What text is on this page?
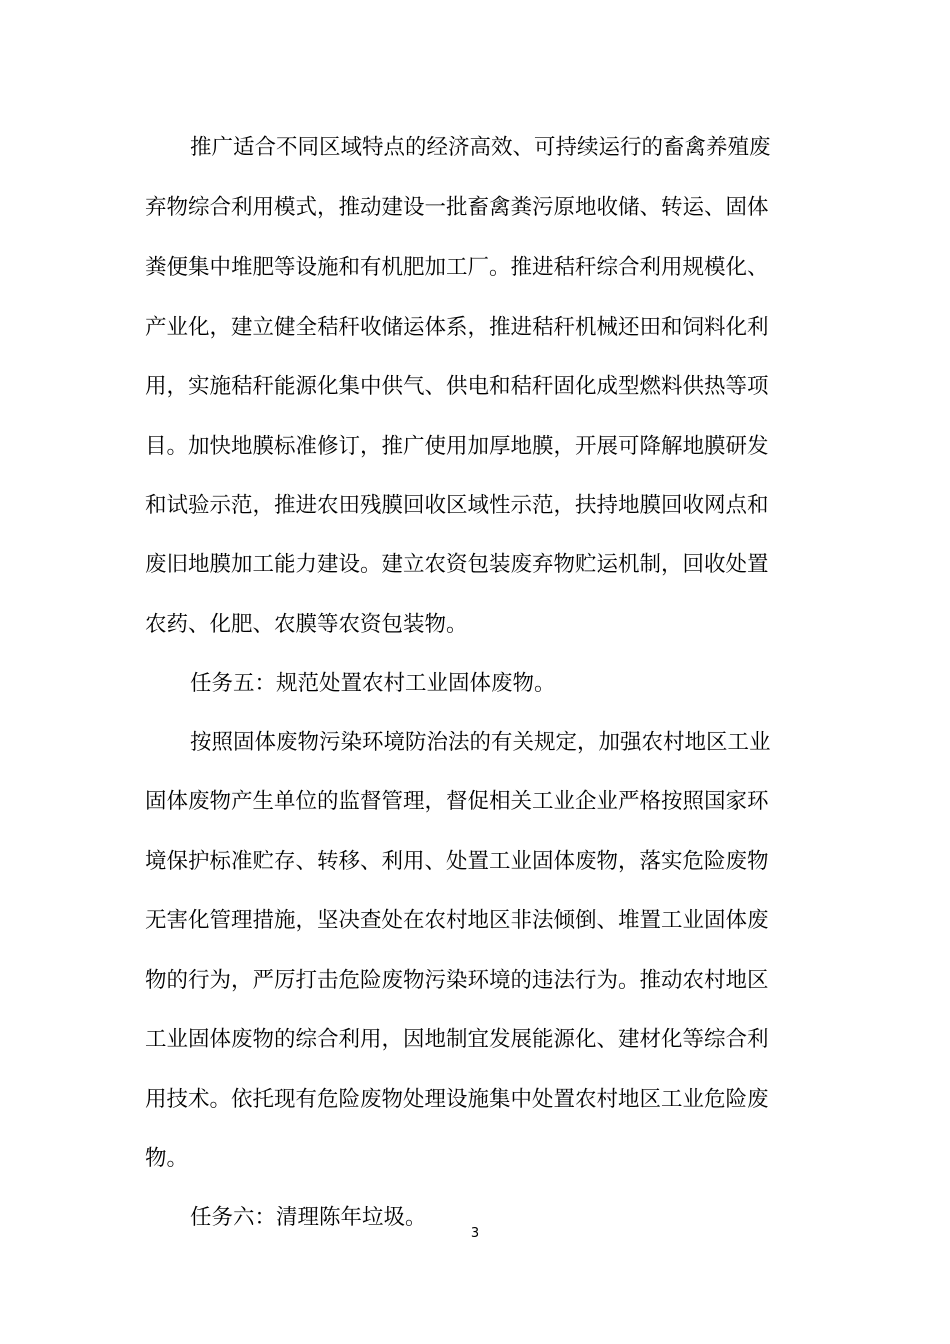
推广适合不同区域特点的经济高效、可持续运行的畜禽养殖废
弃物综合利用模式，推动建设一批畜禽粪污原地收储、转运、固体
粪便集中堆肥等设施和有机肥加工厂。推进秸秆综合利用规模化、
产业化，建立健全秸秆收储运体系，推进秸秆机械还田和饲料化利
用，实施秸秆能源化集中供气、供电和秸秆固化成型燃料供热等项
目。加快地膜标准修订，推广使用加厚地膜，开展可降解地膜研发
和试验示范，推进农田残膜回收区域性示范，扶持地膜回收网点和
废旧地膜加工能力建设。建立农资包装废弃物贮运机制，回收处置
农药、化肥、农膜等农资包装物。
任务五：规范处置农村工业固体废物。
按照固体废物污染环境防治法的有关规定，加强农村地区工业
固体废物产生单位的监督管理，督促相关工业企业严格按照国家环
境保护标准贮存、转移、利用、处置工业固体废物，落实危险废物
无害化管理措施，坚决查处在农村地区非法倾倒、堆置工业固体废
物的行为，严厉打击危险废物污染环境的违法行为。推动农村地区
工业固体废物的综合利用，因地制宜发展能源化、建材化等综合利
用技术。依托现有危险废物处理设施集中处置农村地区工业危险废
物。
任务六：清理陈年垃圾。
3
